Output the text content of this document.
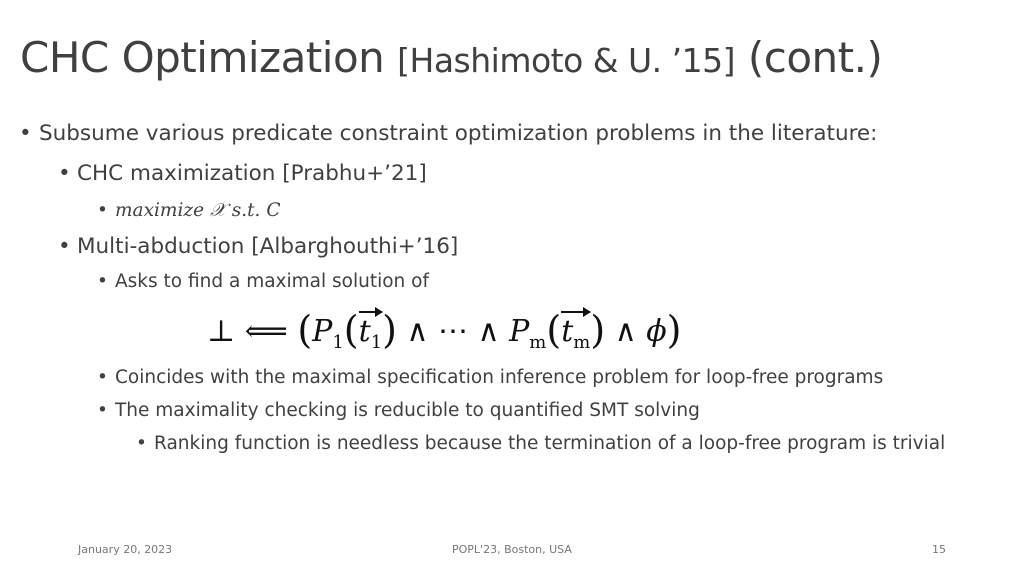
CHC Optimization [Hashimoto & U. ’15] (cont.)
• Subsume various predicate constraint optimization problems in the literature:
• CHC maximization [Prabhu+’21]
• maximize 𝒳 s.t. 𝐶
• Multi-abduction [Albarghouthi+’16]
• Asks to find a maximal solution of
⊥ ⟸ ($P_1$(
$t_1$) ∧ ⋯ ∧ $P_m$(
$t_m$) ∧ ϕ)
• Coincides with the maximal specification inference problem for loop-free programs
• The maximality checking is reducible to quantified SMT solving
• Ranking function is needless because the termination of a loop-free program is trivial
January 20, 2023	POPL'23, Boston, USA	15
